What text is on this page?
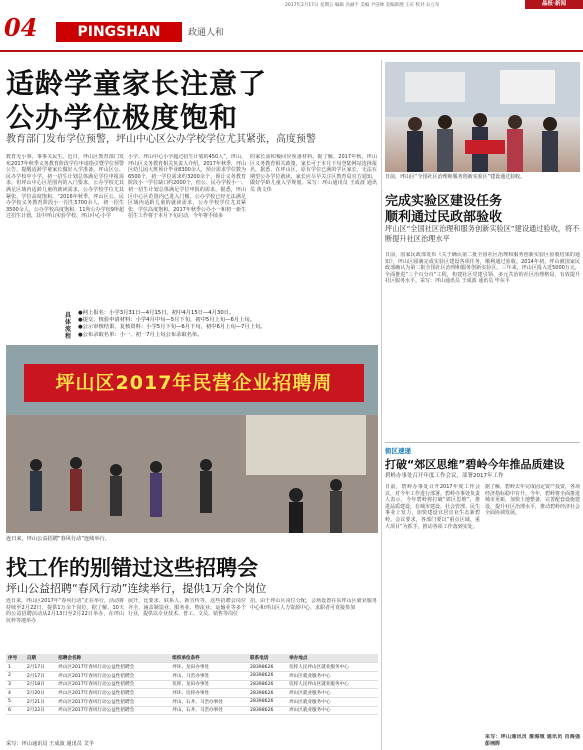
2017年2月17日 星期五 编辑 冯丽宇 美编 尹洁林 美编助理 王庆 校对 石立军	晶报·新闻
04	PINGSHAN	政通人和
适龄学童家长注意了
公办学位极度饱和
教育部门发布学位预警，坪山中心区公办学校学位尤其紧张，高度预警
教育无小事，事事关民生。近日，坪山区教育部门发布2017年秋季义务教育阶段学位申请指引暨学位预警公告，提醒适龄学童家长做好入学准备。坪山区公、民办学校中小学，初一招生计划总体满足学位申报需求，但坪山中心区范围内的入门要求，公办学校尤其满足区域内适龄儿童的就读需求，公办学校学位尤其紧张，学位高度饱和。“2016年秋季，坪山区公、民办学校义务教育阶段小一招生5700余人，初一招生3500余人，公办学校高度饱和，11所公办学校9所超过招生计划，其中坪山实验学校、坪山中心小学
小学、坪山中心小学超过招生计划的450人”，坪山、坪山区义务教育相关负责人介绍，2017年秋季，坪山区幼儿园大班预计毕业8300余人，预计需求学位数为6500个，初一学位需求约3200余个，预计义务教育阶段小一学位缺口约2000个，但公、民办学校小一、初一招生计划总体满足学位申报的需求。据悉，坪山区中心区范围内已进入门槛，公办学校已经无法满足区域内适龄儿童的就读需求，公办学校学位尤其紧张，学位高度饱和。2017年秋季公办小一和初一新生招生工作将于本月下旬启动，今年将手续多
的家长需积极回应预备材料。据了解，2017年秋，坪山区义务教育相关政策，家长可于本月下旬登陆网站选择报名，据悉，在坪山区，原有学位已满的学区家长，无法在期望公办学位就读，家长应尽早关注区教育局官方通知，做好学龄儿童入学规划。采写：坪山通讯员 王成波 通讯员 黄文伟
具体流程
●网上报名：小学3月31日—4月15日，初中4月15日—4月30日。
●提交、核验申请材料：小学4月中旬—5月下旬，初中5月上旬—6月上旬。
●公示审核结果、复核资料：小学5月下旬—6月下旬，初中6月上旬—7月上旬。
●公布录取名单：小一、初一7月上旬公布录取名单。
日前，坪山区“全国社区治理和服务创新实验区”建设通过验收。
完成实验区建设任务
顺利通过民政部验收
坪山区“全国社区治理和服务创新实验区”建设通过验收，将不断提升社区治理水平
日前，国家民政部发布《关于确认第二批全国社区治理和服务创新实验区验收结果的通知》，坪山区圆满完成实验区建设各项任务，顺利通过验收。2014年初，坪山被国家民政部确认为第二批全国社区治理和服务创新实验区。三年来，坪山区投入近5000万元，全面推进“三个百分百”工程，构建社区党建引领、多元共治的社区治理格局，有效提升社区服务水平。采写：坪山通讯员 王成波 通讯员 毕东平
坪山区2017年民营企业招聘周
连日来，坪山公益招聘“春风行动”连续举行。
找工作的别错过这些招聘会
坪山公益招聘“春风行动”连续举行，提供1万余个岗位
连日来，坪山区2017年“春风行动”正在举行，活动将持续至2月22日，提供1万余个岗位。据了解，10天的公益招聘活动从2月13日至2月22日举办，在坪山坑梓等地举办
展开，比要求、联系人，新宣传等，这些招聘会岗位齐全，涵盖制造业、服务业、物流业、运输业等多个行业，提供以专业技术、普工、文员、销售等岗位
招，由于坪山区岗位分配，会场设置在东坪山区就业服务中心和坪山区人力资源中心，求职者可直接参加
序号	日期	招聘会名称	组织单位条件	联系电话	举办地点
1	2月17日	坪山区2017年春风行动公益性招聘会	坪环、龙田办事处	28398626	坑梓人民坪山区就业服务中心
2	2月17日	坪山区2017年春风行动公益性招聘会	坪山、马峦办事处	28398626	坪山区就业服务中心
3	2月18日	坪山区2017年春风行动公益性招聘会	坑梓、龙田办事处	28398626	坑梓人民坪山区就业服务中心
4	2月20日	坪山区2017年春风行动公益性招聘会	坪环、坑梓办事处	28398626	坪山区就业服务中心
5	2月21日	坪山区2017年春风行动公益性招聘会	坪山、石井、马峦办事处	28398626	坪山区就业服务中心
6	2月22日	坪山区2017年春风行动公益性招聘会	坪山、石井、马峦办事处	28398626	坪山区就业服务中心
采写：坪山通讯员 王成波 通讯员 艾半
街区速递
打破“郊区思维”碧岭今年推品质建设
碧岭办事处召开年度工作会议，部署2017年工作
日前，碧岭办事处召开2017年度工作会议，对今年工作进行部署。碧岭办事处负责人表示，今年碧岭将打破“郊区思维”，推进品质建设，在城市建设、社会管理、民生事业上发力，加快建设宜居宜业生态新碧岭。会议要求，各部门要以“重点区域、重大项目”为抓手，推动各项工作落到实处。
据了解，碧岭去年完成固定资产投资，各项经济指标稳中有升。今年，碧岭将全面推进城市更新，加快土地整备，完善配套设施建设，提升社区治理水平，推动碧岭经济社会全面协调发展。
采写：坪山通讯员 詹海城 通讯员 肖海强 彭翊晖
